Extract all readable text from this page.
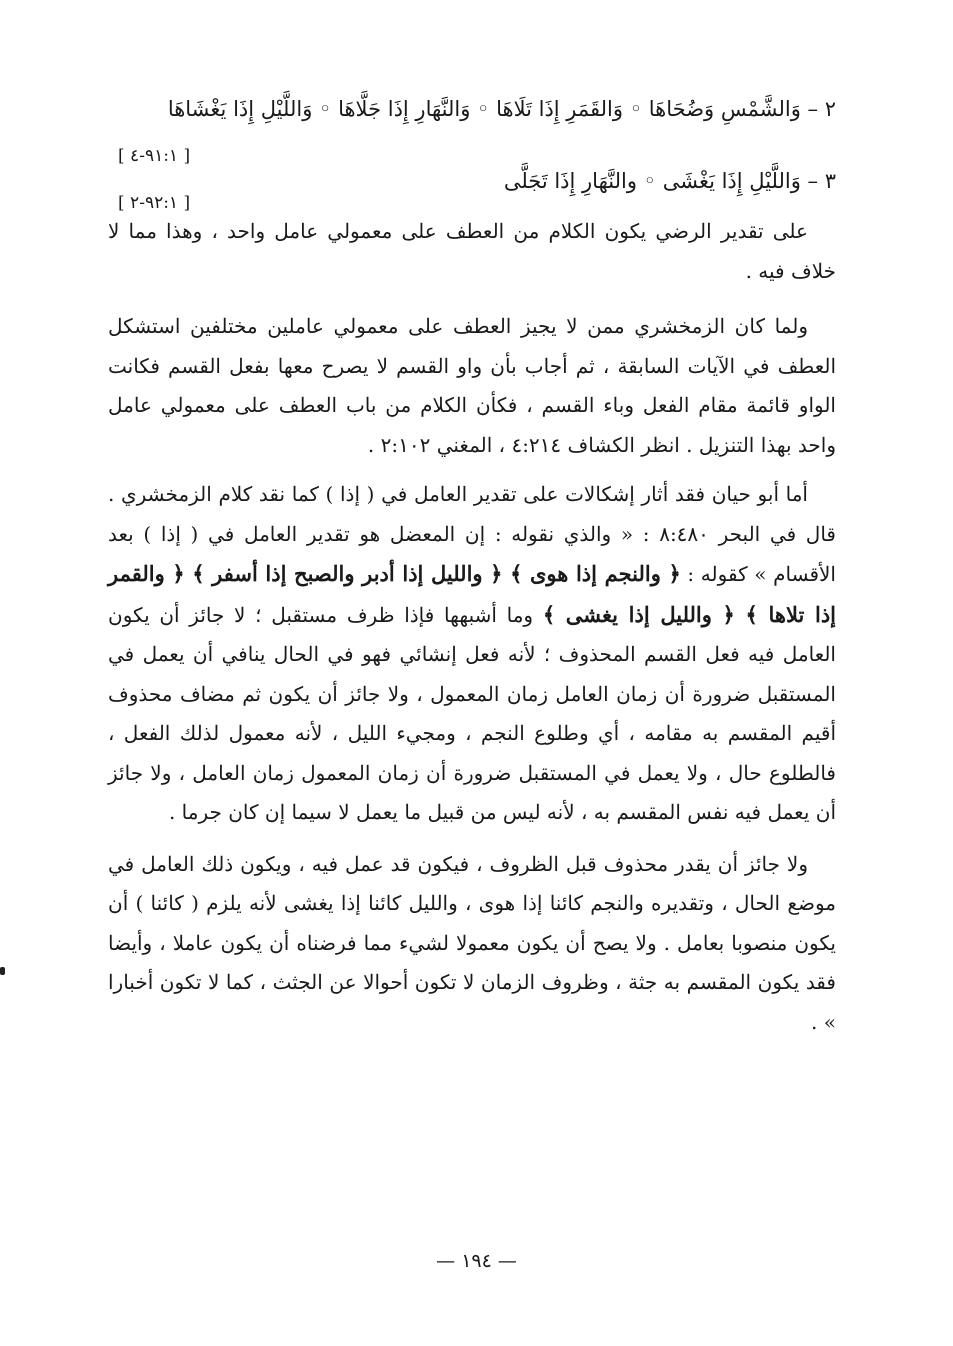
٢ – وَالشَّمْسِ وَضُحَاهَا ◦ وَالقَمَرِ إِذَا تَلَاهَا ◦ وَالنَّهَارِ إِذَا جَلَّاهَا ◦ وَاللَّيْلِ إِذَا يَغْشَاهَا
٣ – وَاللَّيْلِ إِذَا يَغْشَى ◦ والنَّهَارِ إِذَا تَجَلَّى

على تقدير الرضي يكون الكلام من العطف على معمولي عامل واحد ، وهذا مما لا خلاف فيه .

ولما كان الزمخشري ممن لا يجيز العطف على معمولي عاملين مختلفين استشكل العطف في الآيات السابقة ، ثم أجاب بأن واو القسم لا يصرح معها بفعل القسم فكانت الواو قائمة مقام الفعل وباء القسم ، فكأن الكلام من باب العطف على معمولي عامل واحد بهذا التنزيل . انظر الكشاف ٤:٢١٤ ، المغني ٢:١٠٢ .

أما أبو حيان فقد أثار إشكالات على تقدير العامل في ( إذا ) كما نقد كلام الزمخشري . قال في البحر ٨:٤٨٠ : « والذي نقوله : إن المعضل هو تقدير العامل في ( إذا ) بعد الأقسام » كقوله : ﴿ والنجم إذا هوى ﴾ ﴿ والليل إذا أدبر والصبح إذا أسفر ﴾ ﴿ والقمر إذا تلاها ﴾ ﴿ والليل إذا يغشى ﴾ وما أشبهها فإذا ظرف مستقبل ؛ لا جائز أن يكون العامل فيه فعل القسم المحذوف ؛ لأنه فعل إنشائي فهو في الحال ينافي أن يعمل في المستقبل ضرورة أن زمان العامل زمان المعمول ، ولا جائز أن يكون ثم مضاف محذوف أقيم المقسم به مقامه ، أي وطلوع النجم ، ومجيء الليل ، لأنه معمول لذلك الفعل ، فالطلوع حال ، ولا يعمل في المستقبل ضرورة أن زمان المعمول زمان العامل ، ولا جائز أن يعمل فيه نفس المقسم به ، لأنه ليس من قبيل ما يعمل لا سيما إن كان جرما .

ولا جائز أن يقدر محذوف قبل الظروف ، فيكون قد عمل فيه ، ويكون ذلك العامل في موضع الحال ، وتقديره والنجم كائنا إذا هوى ، والليل كائنا إذا يغشى لأنه يلزم ( كائنا ) أن يكون منصوبا بعامل . ولا يصح أن يكون معمولا لشيء مما فرضناه أن يكون عاملا ، وأيضا فقد يكون المقسم به جثة ، وظروف الزمان لا تكون أحوالا عن الجثث ، كما لا تكون أخبارا » .

[ ٩١:١-٤ ]
[ ٩٢:١-٢ ]
— ١٩٤ —
